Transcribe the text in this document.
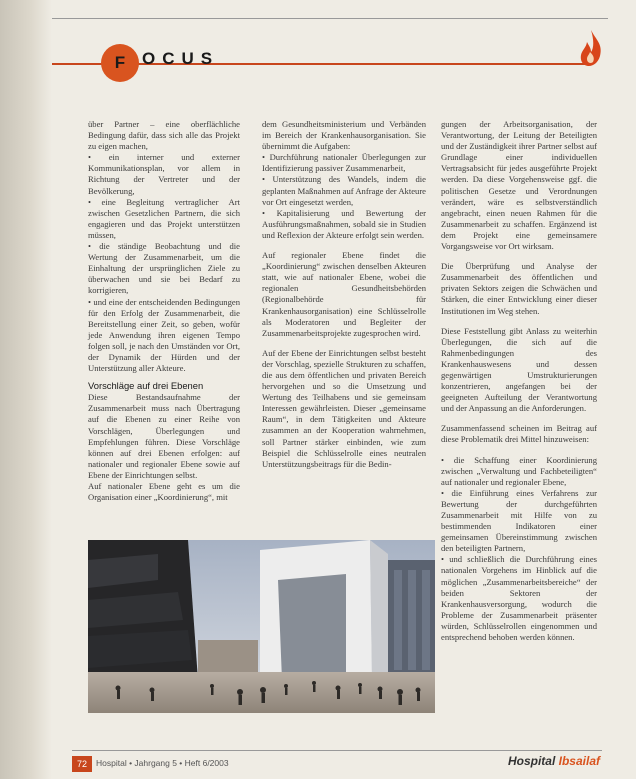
F OCUS

über Partner – eine oberflächliche Bedingung dafür, dass sich alle das Projekt zu eigen machen,

• ein interner und externer Kommunikationsplan, vor allem in Richtung der Vertreter und der Bevölkerung,

• eine Begleitung vertraglicher Art zwischen Gesetzlichen Partnern, die sich engagieren und das Projekt unterstützen müssen,

• die ständige Beobachtung und die Wertung der Zusammenarbeit, um die Einhaltung der ursprünglichen Ziele zu überwachen und sie bei Bedarf zu korrigieren,

• und eine der entscheidenden Bedingungen für den Erfolg der Zusammenarbeit, die Bereitstellung einer Zeit, so geben, wofür jede Anwendung ihren eigenen Tempo folgen soll, je nach den Umständen vor Ort, der Dynamik der Hürden und der Unterstützung aller Akteure.

Vorschläge auf drei Ebenen

Diese Bestandsaufnahme der Zusammenarbeit muss nach Übertragung auf die Ebenen zu einer Reihe von Vorschlägen, Überlegungen und Empfehlungen führen. Diese Vorschläge können auf drei Ebenen erfolgen: auf nationaler und regionaler Ebene sowie auf Ebene der Einrichtungen selbst.

Auf nationaler Ebene geht es um die Organisation einer „Koordinierung“, mit

dem Gesundheitsministerium und Verbänden im Bereich der Krankenhausorganisation. Sie übernimmt die Aufgaben:

• Durchführung nationaler Überlegungen zur Identifizierung passiver Zusammenarbeit,

• Unterstützung des Wandels, indem die geplanten Maßnahmen auf Anfrage der Akteure vor Ort eingesetzt werden,

• Kapitalisierung und Bewertung der Ausführungsmaßnahmen, sobald sie in Studien und Reflexion der Akteure erfolgt sein werden.

Auf regionaler Ebene findet die „Koordinierung“ zwischen denselben Akteuren statt, wie auf nationaler Ebene, wobei die regionalen Gesundheitsbehörden (Regionalbehörde für Krankenhausorganisation) eine Schlüsselrolle als Moderatoren und Begleiter der Zusammenarbeitsprojekte zugesprochen wird.

Auf der Ebene der Einrichtungen selbst besteht der Vorschlag, spezielle Strukturen zu schaffen, die aus dem öffentlichen und privaten Bereich hervorgehen und so die Umsetzung und Wertung des Teilhabens und sie gemeinsam Interessen gewährleisten. Dieser „gemeinsame Raum“, in dem Tätigkeiten und Akteure zusammen an der Kooperation wahrnehmen, soll Partner stärker einbinden, wie zum Beispiel die Schlüsselrolle eines neutralen Unterstützungsbeitrags für die Bedin-

gungen der Arbeitsorganisation, der Verantwortung, der Leitung der Beteiligten und der Zuständigkeit ihrer Partner selbst auf Grundlage einer individuellen Vertragsabsicht für jedes ausgeführte Projekt werden. Da diese Vorgehensweise ggf. die politischen Gesetze und Verordnungen verändert, wäre es selbstverständlich angebracht, einen neuen Rahmen für die Zusammenarbeit zu schaffen. Ergänzend ist dem Projekt eine gemeinsamere Vorgangsweise vor Ort wirksam.

Die Überprüfung und Analyse der Zusammenarbeit des öffentlichen und privaten Sektors zeigen die Schwächen und Stärken, die einer Entwicklung einer dieser Institutionen im Weg stehen.

Diese Feststellung gibt Anlass zu weiterhin Überlegungen, die sich auf die Rahmenbedingungen des Krankenhauswesens und dessen gegenwärtigen Umstrukturierungen konzentrieren, angefangen bei der geeigneten Aufteilung der Verantwortung und der Anpassung an die Anforderungen.

Zusammenfassend scheinen im Beitrag auf diese Problematik drei Mittel hinzuweisen:

• die Schaffung einer Koordinierung zwischen „Verwaltung und Fachbeteiligten“ auf nationaler und regionaler Ebene,

• die Einführung eines Verfahrens zur Bewertung der durchgeführten Zusammenarbeit mit Hilfe von zu bestimmenden Indikatoren einer gemeinsamen Übereinstimmung zwischen den beteiligten Partnern,

• und schließlich die Durchführung eines nationalen Vorgehens im Hinblick auf die möglichen „Zusammenarbeitsbereiche“ der beiden Sektoren der Krankenhausversorgung, wodurch die Probleme der Zusammenarbeit präsenter würden, Schlüsselrollen eingenommen und entsprechend behoben werden können.

72	Hospital • Jahrgang 5 • Heft 6/2003	Hospital Ibsailaf
